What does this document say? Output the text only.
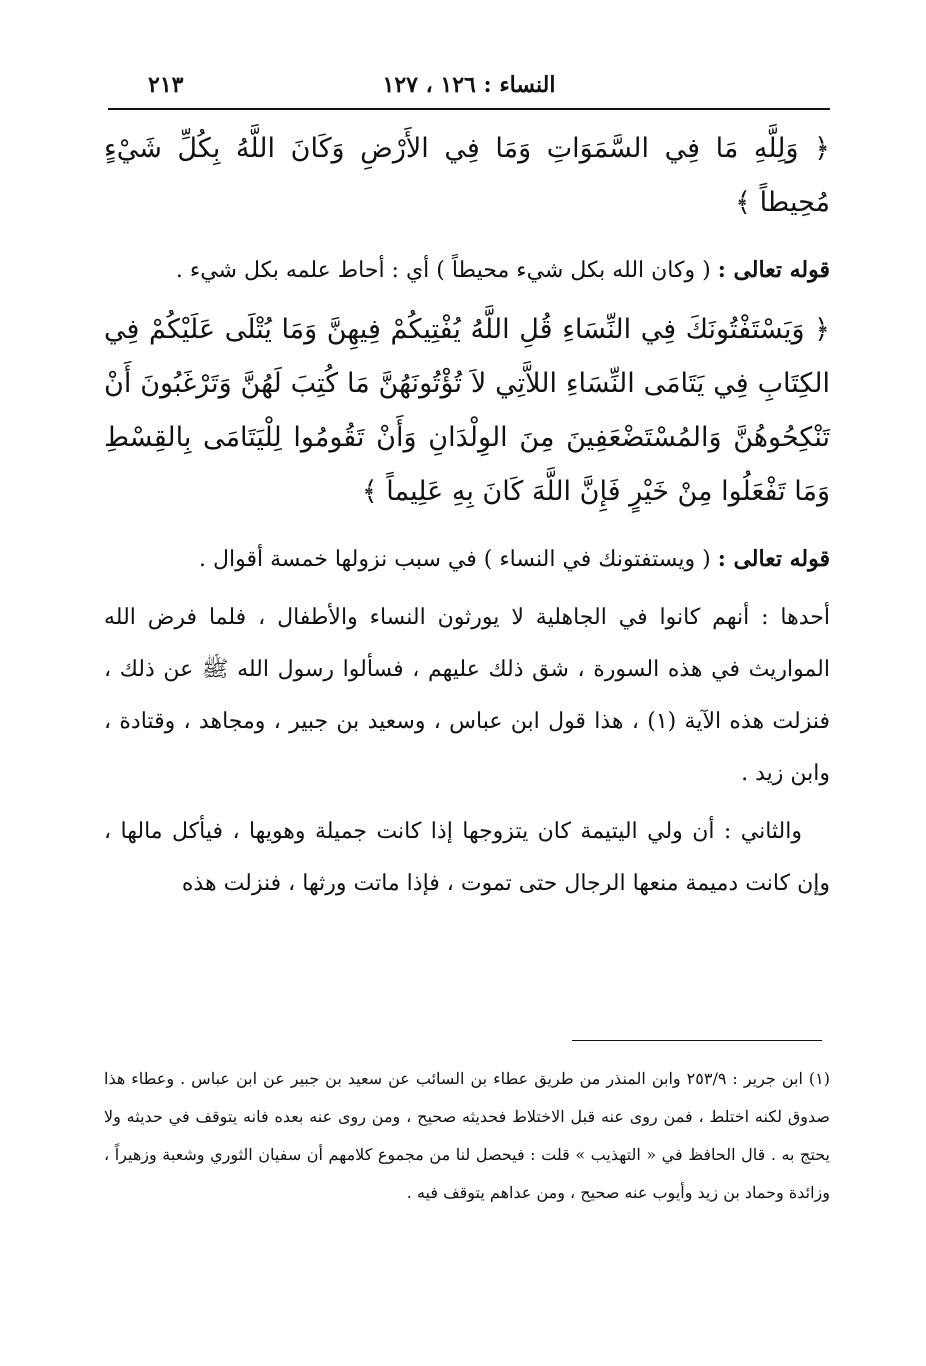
٢١٣	النساء : ١٢٦ ، ١٢٧

﴿ وَلِلَّهِ مَا فِي السَّمَوَاتِ وَمَا فِي الأَرْضِ وَكَانَ اللَّهُ بِكُلِّ شَيْءٍ مُحِيطاً ﴾

قوله تعالى : ( وكان الله بكل شيء محيطاً ) أي : أحاط علمه بكل شيء .

﴿ وَيَسْتَفْتُونَكَ فِي النِّسَاءِ قُلِ اللَّهُ يُفْتِيكُمْ فِيهِنَّ وَمَا يُتْلَى عَلَيْكُمْ فِي الكِتَابِ فِي يَتَامَى النِّسَاءِ اللاَّتِي لاَ تُؤْتُونَهُنَّ مَا كُتِبَ لَهُنَّ وَتَرْغَبُونَ أَنْ تَنْكِحُوهُنَّ وَالمُسْتَضْعَفِينَ مِنَ الوِلْدَانِ وَأَنْ تَقُومُوا لِلْيَتَامَى بِالقِسْطِ وَمَا تَفْعَلُوا مِنْ خَيْرٍ فَإِنَّ اللَّهَ كَانَ بِهِ عَلِيماً ﴾

قوله تعالى : ( ويستفتونك في النساء ) في سبب نزولها خمسة أقوال .

أحدها : أنهم كانوا في الجاهلية لا يورثون النساء والأطفال ، فلما فرض الله المواريث في هذه السورة ، شق ذلك عليهم ، فسألوا رسول الله ﷺ عن ذلك ، فنزلت هذه الآية (١) ، هذا قول ابن عباس ، وسعيد بن جبير ، ومجاهد ، وقتادة ، وابن زيد .

والثاني : أن ولي اليتيمة كان يتزوجها إذا كانت جميلة وهويها ، فيأكل مالها ، وإن كانت دميمة منعها الرجال حتى تموت ، فإذا ماتت ورثها ، فنزلت هذه

(١) ابن جرير : ٢٥٣/٩ وابن المنذر من طريق عطاء بن السائب عن سعيد بن جبير عن ابن عباس . وعطاء هذا صدوق لكنه اختلط ، فمن روى عنه قبل الاختلاط فحديثه صحيح ، ومن روى عنه بعده فانه يتوقف في حديثه ولا يحتج به . قال الحافظ في « التهذيب » قلت : فيحصل لنا من مجموع كلامهم أن سفيان الثوري وشعبة وزهيراً ، وزائدة وحماد بن زيد وأيوب عنه صحيح ، ومن عداهم يتوقف فيه .
